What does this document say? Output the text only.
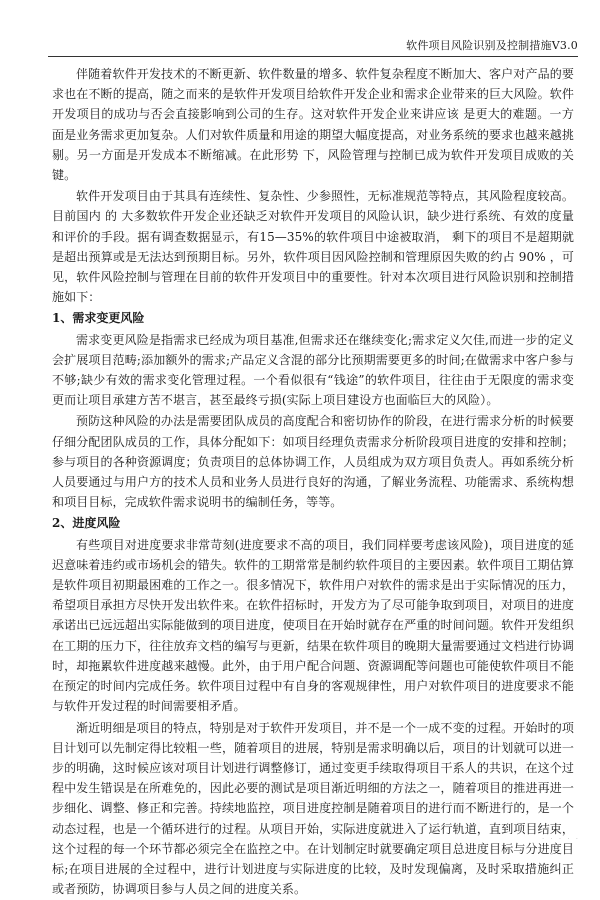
软件项目风险识别及控制措施V3.0

伴随着软件开发技术的不断更新、软件数量的增多、软件复杂程度不断加大、客户对产品的要求也在不断的提高，随之而来的是软件开发项目给软件开发企业和需求企业带来的巨大风险。软件开发项目的成功与否会直接影响到公司的生存。这对软件开发企业来讲应该 是更大的难题。一方面是业务需求更加复杂。人们对软件质量和用途的期望大幅度提高，对业务系统的要求也越来越挑剔。另一方面是开发成本不断缩减。在此形势 下，风险管理与控制已成为软件开发项目成败的关键。

软件开发项目由于其具有连续性、复杂性、少参照性，无标准规范等特点，其风险程度较高。目前国内 的 大多数软件开发企业还缺乏对软件开发项目的风险认识，缺少进行系统、有效的度量和评价的手段。据有调查数据显示，有15—35%的软件项目中途被取消， 剩下的项目不是超期就是超出预算或是无法达到预期目标。另外，软件项目因风险控制和管理原因失败的约占 90% ，可见，软件风险控制与管理在目前的软件开发项目中的重要性。针对本次项目进行风险识别和控制措施如下：

1、需求变更风险

需求变更风险是指需求已经成为项目基准,但需求还在继续变化;需求定义欠佳,而进一步的定义会扩展项目范畴;添加额外的需求;产品定义含混的部分比预期需要更多的时间;在做需求中客户参与不够;缺少有效的需求变化管理过程。一个看似很有“钱途”的软件项目，往往由于无限度的需求变更而让项目承建方苦不堪言，甚至最终亏损(实际上项目建设方也面临巨大的风险）。

预防这种风险的办法是需要团队成员的高度配合和密切协作的阶段，在进行需求分析的时候要仔细分配团队成员的工作，具体分配如下：如项目经理负责需求分析阶段项目进度的安排和控制；参与项目的各种资源调度；负责项目的总体协调工作，人员组成为双方项目负责人。再如系统分析人员要通过与用户方的技术人员和业务人员进行良好的沟通，了解业务流程、功能需求、系统构想和项目目标，完成软件需求说明书的编制任务，等等。

2、进度风险

有些项目对进度要求非常苛刻(进度要求不高的项目，我们同样要考虑该风险)，项目进度的延迟意味着违约或市场机会的错失。软件的工期常常是制约软件项目的主要因素。软件项目工期估算是软件项目初期最困难的工作之一。很多情况下，软件用户对软件的需求是出于实际情况的压力，希望项目承担方尽快开发出软件来。在软件招标时，开发方为了尽可能争取到项目，对项目的进度承诺出已远远超出实际能做到的项目进度，使项目在开始时就存在严重的时间问题。软件开发组织在工期的压力下，往往放弃文档的编写与更新，结果在软件项目的晚期大量需要通过文档进行协调时，却拖累软件进度越来越慢。此外，由于用户配合问题、资源调配等问题也可能使软件项目不能在预定的时间内完成任务。软件项目过程中有自身的客观规律性，用户对软件项目的进度要求不能与软件开发过程的时间需要相矛盾。

渐近明细是项目的特点，特别是对于软件开发项目，并不是一个一成不变的过程。开始时的项目计划可以先制定得比较粗一些，随着项目的进展，特别是需求明确以后，项目的计划就可以进一步的明确，这时候应该对项目计划进行调整修订，通过变更手续取得项目干系人的共识，在这个过程中发生错误是在所难免的，因此必要的测试是项目渐近明细的方法之一，随着项目的推进再进一步细化、调整、修正和完善。持续地监控，项目进度控制是随着项目的进行而不断进行的，是一个动态过程，也是一个循环进行的过程。从项目开始，实际进度就进入了运行轨道，直到项目结束，这个过程的每一个环节都必须完全在监控之中。在计划制定时就要确定项目总进度目标与分进度目标;在项目进展的全过程中，进行计划进度与实际进度的比较，及时发现偏离，及时采取措施纠正或者预防，协调项目参与人员之间的进度关系。

· · · · ·
